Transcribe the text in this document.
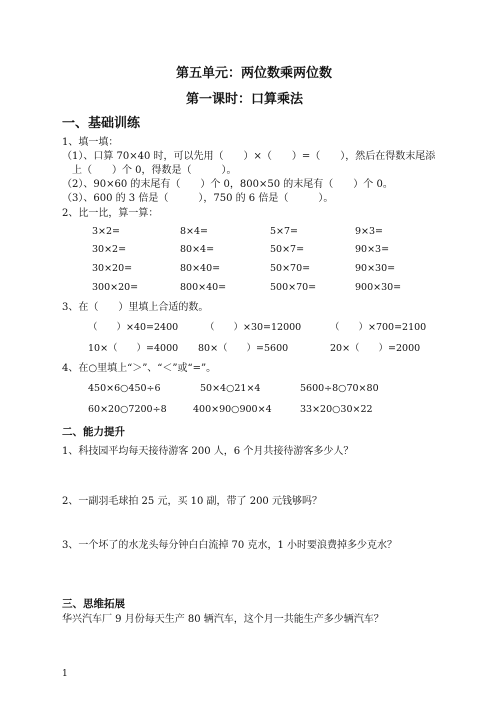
第五单元：两位数乘两位数
第一课时：口算乘法
一、基础训练
1、填一填：
（1）、口算 70×40 时，可以先用（　　）×（　　）=（　　），然后在得数末尾添
上（　　）个 0，得数是（　　　）。
（2）、90×60 的末尾有（　　）个 0，800×50 的末尾有（　　）个 0。
（3）、600 的 3 倍是（　　　），750 的 6 倍是（　　　）。
2、比一比，算一算：
3×2=	8×4=	5×7=	9×3=
30×2=	80×4=	50×7=	90×3=
30×20=	80×40=	50×70=	90×30=
300×20=	800×40=	500×70=	900×30=
3、在（　　）里填上合适的数。
（　　）×40=2400	（　　）×30=12000	（　　）×700=2100
10×（　　）=4000 80×（　　）=5600	20×（　　）=2000
4、在○里填上“＞”、“＜”或“=”。
450×6○450÷6	50×4○21×4	5600÷8○70×80
60×20○7200÷8	400×90○900×4	33×20○30×22
二、能力提升
1、科技园平均每天接待游客 200 人，6 个月共接待游客多少人？
2、一副羽毛球拍 25 元，买 10 副，带了 200 元钱够吗？
3、一个坏了的水龙头每分钟白白流掉 70 克水，1 小时要浪费掉多少克水？
三、思维拓展
华兴汽车厂 9 月份每天生产 80 辆汽车，这个月一共能生产多少辆汽车？
1
